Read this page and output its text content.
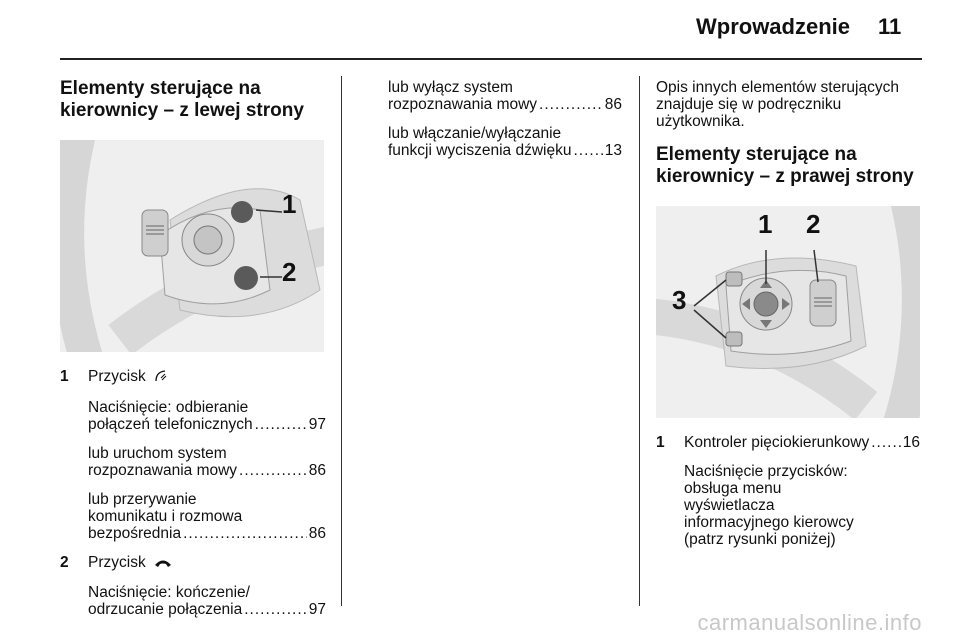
Wprowadzenie 11
Elementy sterujące na
kierownicy – z lewej strony
1
2
1 Przycisk

Naciśnięcie: odbieranie

połączeń telefonicznych .....	97

lub uruchom system

rozpoznawania mowy .....	86

lub przerywanie

komunikatu i rozmowa

bezpośrednia .....	86
2 Przycisk

Naciśnięcie: kończenie/

odrzucanie połączenia .....	97

lub wyłącz system

rozpoznawania mowy .....	86

lub włączanie/wyłączanie

funkcji wyciszenia dźwięku ..... 13

Opis innych elementów sterujących

znajduje się w podręczniku

użytkownika.

Elementy sterujące na
kierownicy – z prawej strony
1 2
3
1 Kontroler pięciokierunkowy ..... 16

Naciśnięcie przycisków:

obsługa menu

wyświetlacza

informacyjnego kierowcy

(patrz rysunki poniżej)

carmanualsonline.info
